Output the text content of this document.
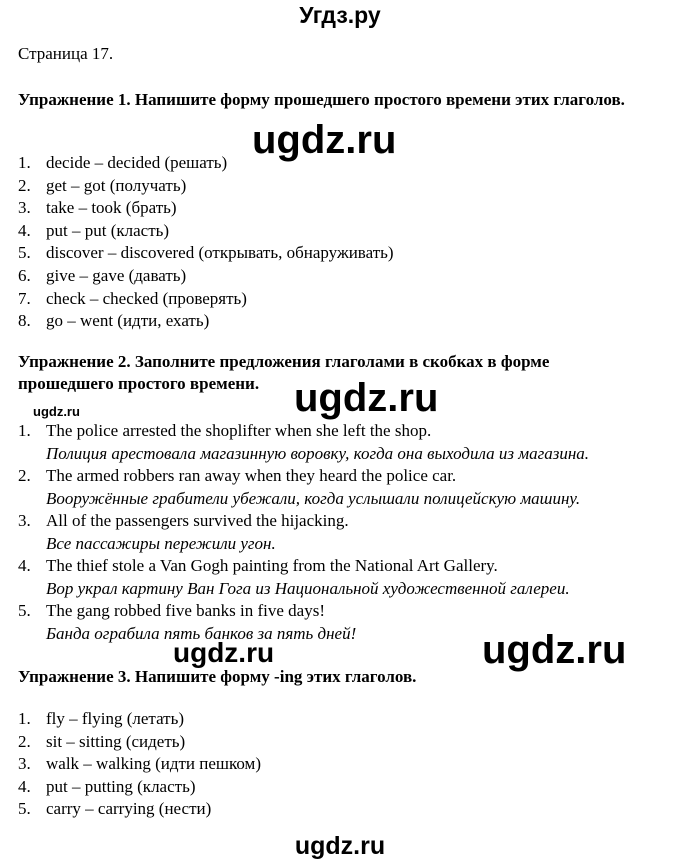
Угдз.ру
Страница 17.
Упражнение 1. Напишите форму прошедшего простого времени этих глаголов.
ugdz.ru
1. decide – decided (решать)
2. get – got (получать)
3. take – took (брать)
4. put – put (класть)
5. discover – discovered (открывать, обнаруживать)
6. give – gave (давать)
7. check – checked (проверять)
8. go – went (идти, ехать)
Упражнение 2. Заполните предложения глаголами в скобках в форме прошедшего простого времени. ugdz.ru
ugdz.ru
1. The police arrested the shoplifter when she left the shop.
Полиция арестовала магазинную воровку, когда она выходила из магазина.
2. The armed robbers ran away when they heard the police car.
Вооружённые грабители убежали, когда услышали полицейскую машину.
3. All of the passengers survived the hijacking.
Все пассажиры пережили угон.
4. The thief stole a Van Gogh painting from the National Art Gallery.
Вор украл картину Ван Гога из Национальной художественной галереи.
5. The gang robbed five banks in five days!
Банда ограбила пять банков за пять дней!
ugdz.ru	ugdz.ru
Упражнение 3. Напишите форму -ing этих глаголов.
1. fly – flying (летать)
2. sit – sitting (сидеть)
3. walk – walking (идти пешком)
4. put – putting (класть)
5. carry – carrying (нести)
ugdz.ru
